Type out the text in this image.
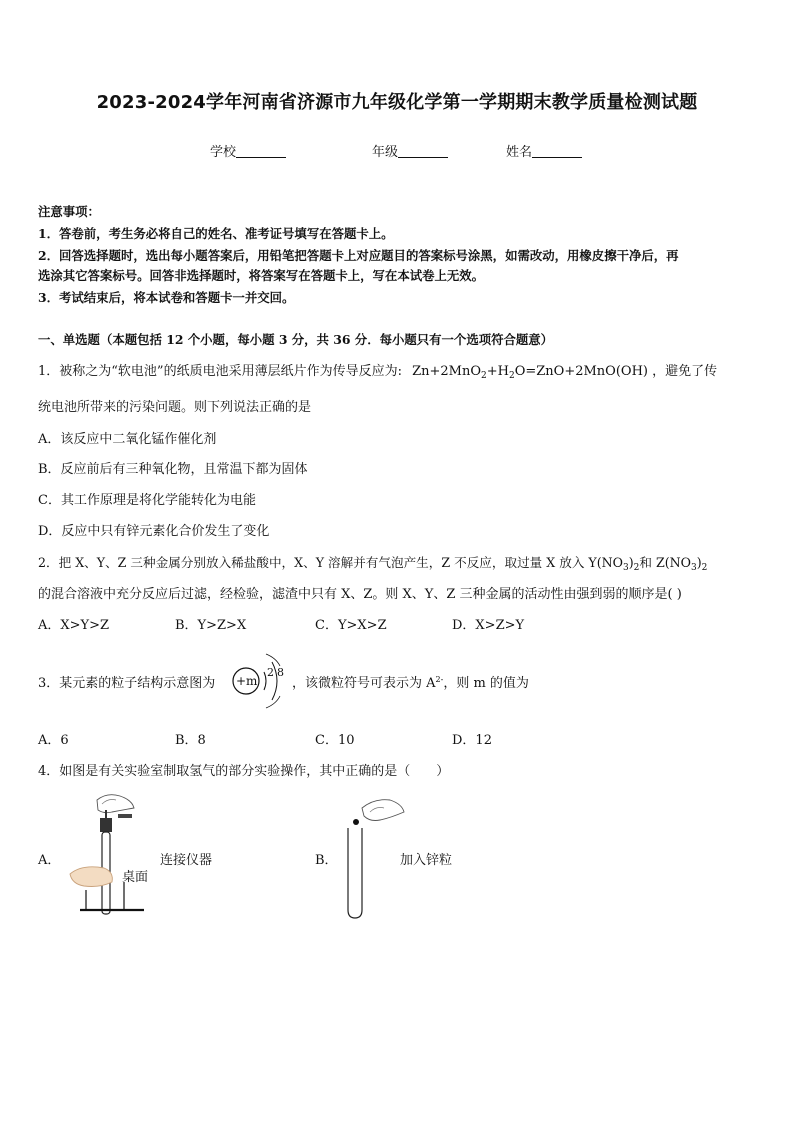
2023-2024学年河南省济源市九年级化学第一学期期末教学质量检测试题
学校	年级	姓名
注意事项：
1．答卷前，考生务必将自己的姓名、准考证号填写在答题卡上。
2．回答选择题时，选出每小题答案后，用铅笔把答题卡上对应题目的答案标号涂黑，如需改动，用橡皮擦干净后，再
选涂其它答案标号。回答非选择题时，将答案写在答题卡上，写在本试卷上无效。
3．考试结束后，将本试卷和答题卡一并交回。
一、单选题（本题包括 12 个小题，每小题 3 分，共 36 分．每小题只有一个选项符合题意）
1．被称之为“软电池”的纸质电池采用薄层纸片作为传导反应为: $Zn+2MnO_2+H_2O=ZnO+2MnO(OH)$ ，避免了传
统电池所带来的污染问题。则下列说法正确的是
A．该反应中二氧化锰作催化剂
B．反应前后有三种氧化物，且常温下都为固体
C．其工作原理是将化学能转化为电能
D．反应中只有锌元素化合价发生了变化
2．把 X、Y、Z 三种金属分别放入稀盐酸中，X、Y 溶解并有气泡产生，Z 不反应，取过量 X 放入 $Y(NO_3)_2$和 $Z(NO_3)_2$
的混合溶液中充分反应后过滤，经检验，滤渣中只有 X、Z。则 X、Y、Z 三种金属的活动性由强到弱的顺序是( )
A．X>Y>Z	B．Y>Z>X	C．Y>X>Z	D．X>Z>Y
3．某元素的粒子结构示意图为 +m
2 8
，该微粒符号可表示为 $A^{2-}$，则 m 的值为
A．6	B．8	C．10	D．12
4．如图是有关实验室制取氢气的部分实验操作，其中正确的是（　　）
A．
桌面
连接仪器	B．	加入锌粒
